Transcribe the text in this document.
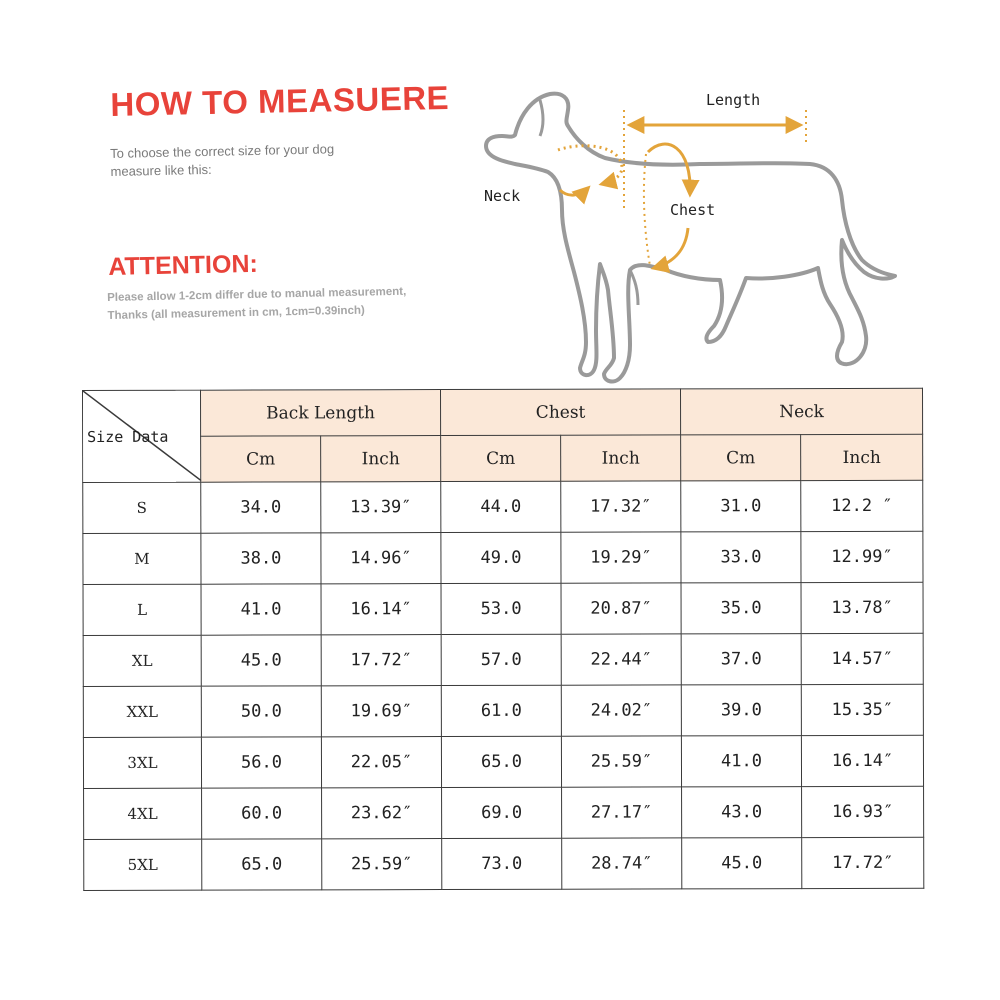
HOW TO MEASUERE
To choose the correct size for your dog
measure like this:
ATTENTION:
Please allow 1-2cm differ due to manual measurement,
Thanks (all measurement in cm, 1cm=0.39inch)
Length
Neck
Chest
Size Data	Back Length		Chest		Neck	
	Cm	Inch	Cm	Inch	Cm	Inch
S	34.0	13.39″	44.0	17.32″	31.0	12.2 ″
M	38.0	14.96″	49.0	19.29″	33.0	12.99″
L	41.0	16.14″	53.0	20.87″	35.0	13.78″
XL	45.0	17.72″	57.0	22.44″	37.0	14.57″
XXL	50.0	19.69″	61.0	24.02″	39.0	15.35″
3XL	56.0	22.05″	65.0	25.59″	41.0	16.14″
4XL	60.0	23.62″	69.0	27.17″	43.0	16.93″
5XL	65.0	25.59″	73.0	28.74″	45.0	17.72″
